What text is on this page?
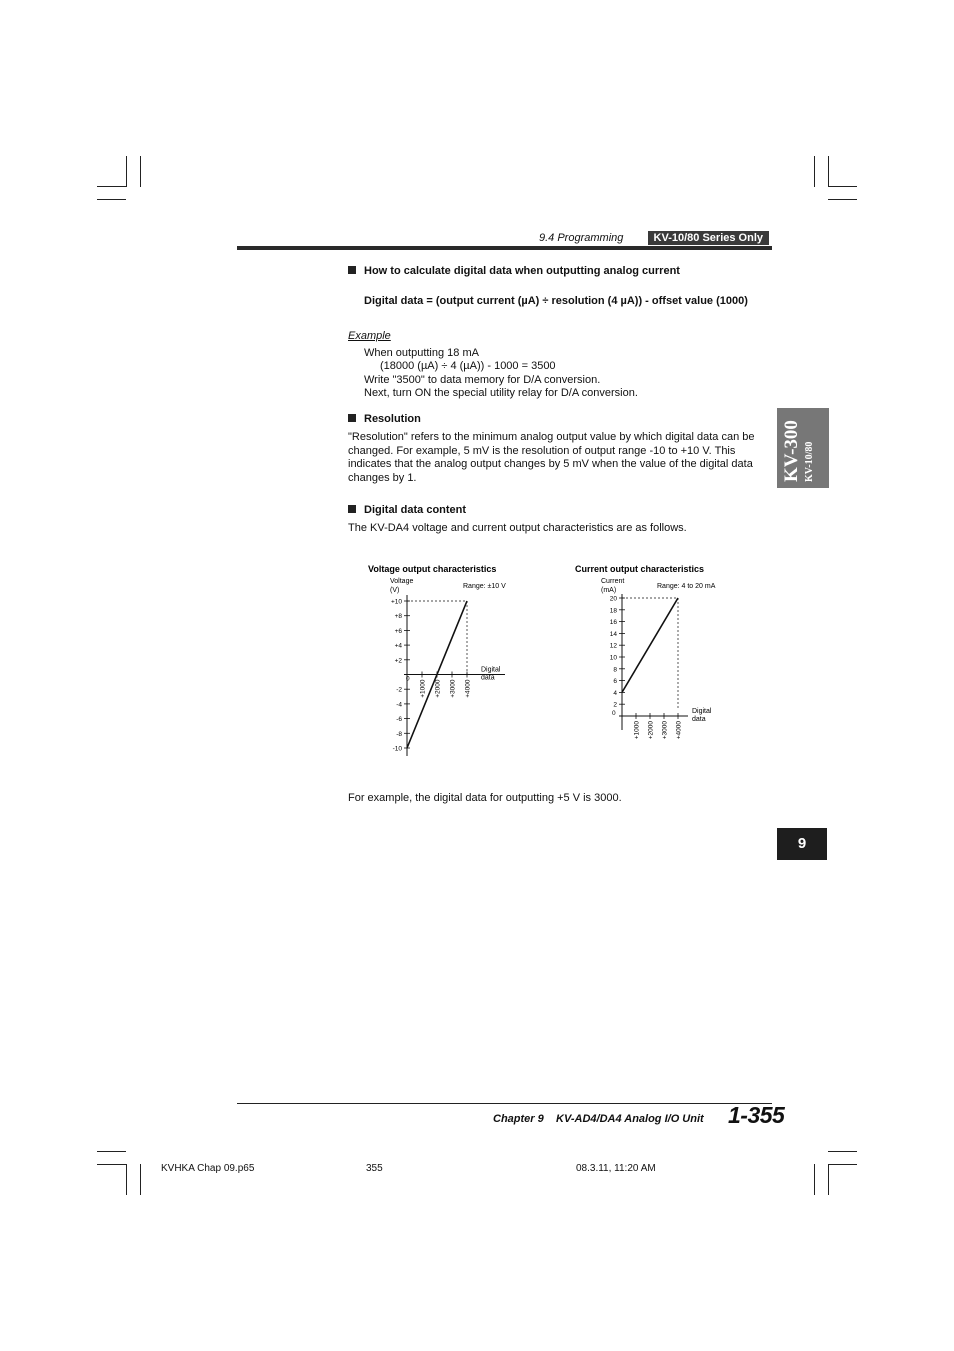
9.4 Programming	KV-10/80 Series Only
KV-300 KV-10/80
9
How to calculate digital data when outputting analog current
Digital data = (output current (µA) ÷ resolution (4 µA)) - offset value (1000)
Example
When outputting 18 mA
(18000 (µA) ÷ 4 (µA)) - 1000 = 3500
Write "3500" to data memory for D/A conversion.
Next, turn ON the special utility relay for D/A conversion.
Resolution
"Resolution" refers to the minimum analog output value by which digital data can be
changed. For example, 5 mV is the resolution of output range -10 to +10 V. This
indicates that the analog output changes by 5 mV when the value of the digital data
changes by 1.
Digital data content
The KV-DA4 voltage and current output characteristics are as follows.
Voltage output characteristics
Voltage
(V)
Range: ±10 V
Digital
data
0
+10
+8
+6
+4
+2
-2
-4
-6
-8
-10
+1000 +2000 +3000 +4000
Current output characteristics
Current
(mA)
Range: 4 to 20 mA
Digital
data
0
20
18
16
14
12
10
8
6
4
2
+1000 +2000 +3000 +4000
For example, the digital data for outputting +5 V is 3000.
Chapter 9 KV-AD4/DA4 Analog I/O Unit 1-355
KVHKA Chap 09.p65	355	08.3.11, 11:20 AM
